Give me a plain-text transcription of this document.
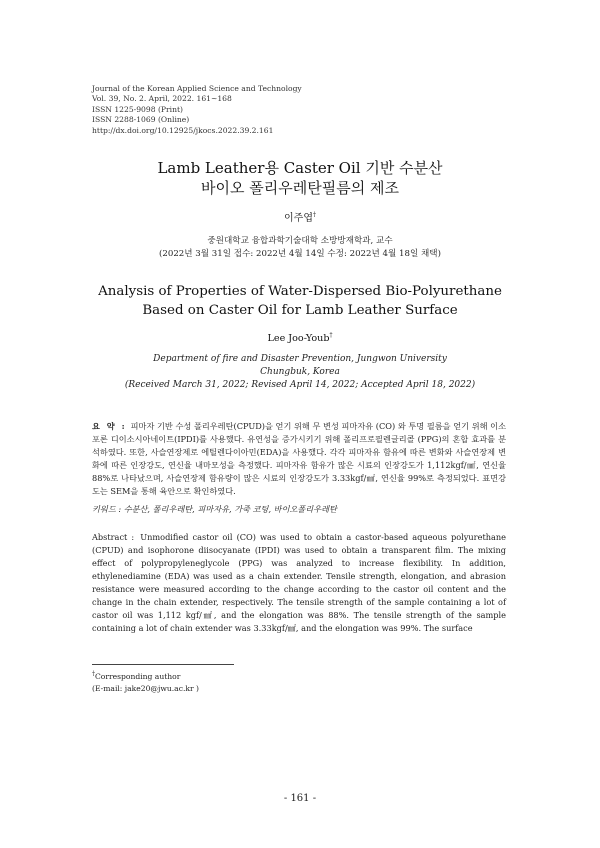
Journal of the Korean Applied Science and Technology
Vol. 39, No. 2. April, 2022. 161~168
ISSN 1225-9098 (Print)
ISSN 2288-1069 (Online)
http://dx.doi.org/10.12925/jkocs.2022.39.2.161
Lamb Leather용 Caster Oil 기반 수분산
바이오 폴리우레탄필름의 제조
이주엽†
중원대학교 융합과학기술대학 소방방재학과, 교수
(2022년 3월 31일 접수: 2022년 4월 14일 수정: 2022년 4월 18일 채택)
Analysis of Properties of Water-Dispersed Bio-Polyurethane
Based on Caster Oil for Lamb Leather Surface
Lee Joo-Youb†
Department of fire and Disaster Prevention, Jungwon University
Chungbuk, Korea
(Received March 31, 2022; Revised April 14, 2022; Accepted April 18, 2022)
요 약 : 피마자 기반 수성 폴리우레탄(CPUD)을 얻기 위해 무 변성 피마자유 (CO) 와 투명 필름을 얻기 위해 이소포론 디이소시아네이트(IPDI)를 사용했다. 유연성을 증가시키기 위해 폴리프로필렌글리콜 (PPG)의 혼합 효과를 분석하였다. 또한, 사슬연장제로 에틸렌다이아민(EDA)을 사용했다. 각각 피마자유 함유에 따른 변화와 사슬연장제 변화에 따른 인장강도, 연신율 내마모성을 측정했다. 피마자유 함유가 많은 시료의 인장강도가 1,112kgf/㎟, 연신율 88%로 나타났으며, 사슬연장제 함유량이 많은 시료의 인장강도가 3.33kgf/㎟, 연신율 99%로 측정되었다. 표면강도는 SEM을 통해 육안으로 확인하였다.
키워드 : 수분산, 폴리우레탄, 피마자유, 가죽 코팅, 바이오폴리우레탄
Abstract : Unmodified castor oil (CO) was used to obtain a castor-based aqueous polyurethane (CPUD) and isophorone diisocyanate (IPDI) was used to obtain a transparent film. The mixing effect of polypropyleneglycole (PPG) was analyzed to increase flexibility. In addition, ethylenediamine (EDA) was used as a chain extender. Tensile strength, elongation, and abrasion resistance were measured according to the change according to the castor oil content and the change in the chain extender, respectively. The tensile strength of the sample containing a lot of castor oil was 1,112 kgf/㎟, and the elongation was 88%. The tensile strength of the sample containing a lot of chain extender was 3.33kgf/㎟, and the elongation was 99%. The surface
†Corresponding author
(E-mail: jake20@jwu.ac.kr )
- 161 -
